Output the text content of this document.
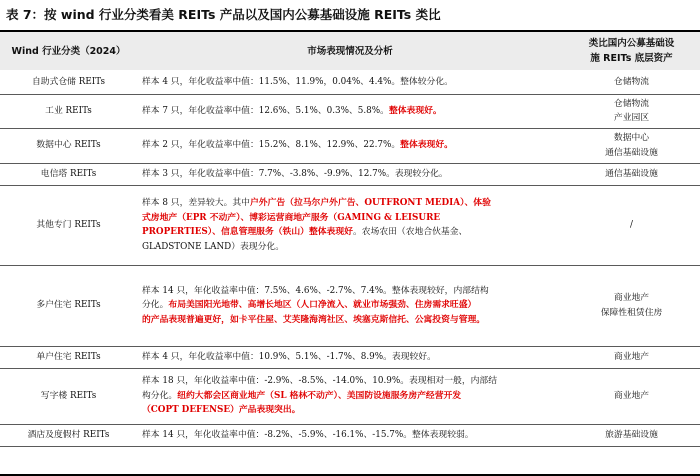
表 7：按 wind 行业分类看美 REITs 产品以及国内公募基础设施 REITs 类比
Wind 行业分类（2024）	市场表现情况及分析	类比国内公募基础设
施 REITs 底层资产

自助式仓储 REITs	样本 4 只，年化收益率中值：11.5%、11.9%，0.04%、4.4%。整体较分化。	仓储物流

工业 REITs	样本 7 只，年化收益率中值：12.6%、5.1%、0.3%、5.8%。整体表现好。	仓储物流
产业园区

数据中心 REITs	样本 2 只，年化收益率中值：15.2%、8.1%、12.9%、22.7%。整体表现好。	数据中心
通信基础设施

电信塔 REITs	样本 3 只，年化收益率中值：7.7%、-3.8%、-9.9%、12.7%。表现较分化。	通信基础设施

其他专门 REITs	样本 8 只，差异较大。其中户外广告（拉马尔户外广告、OUTFRONT MEDIA）、体验
式房地产（EPR 不动产）、博彩运营商地产服务（GAMING & LEISURE
PROPERTIES）、信息管理服务（铁山）整体表现好。农场农田（农地合伙基金、
GLADSTONE LAND）表现分化。	/

多户住宅 REITs	样本 14 只，年化收益率中值：7.5%、4.6%、-2.7%、7.4%。整体表现较好，内部结构
分化。布局美国阳光地带、高增长地区（人口净流入、就业市场强劲、住房需求旺盛）
的产品表现普遍更好，如卡平住屋、艾芙隆海湾社区、埃塞克斯信托、公寓投资与管理。	商业地产
保障性租赁住房

单户住宅 REITs	样本 4 只，年化收益率中值：10.9%、5.1%、-1.7%、8.9%。表现较好。	商业地产

写字楼 REITs	样本 18 只，年化收益率中值：-2.9%、-8.5%、-14.0%、10.9%。表现相对一般，内部结
构分化。纽约大都会区商业地产（SL 格林不动产）、美国防设施服务房产经营开发
（COPT DEFENSE）产品表现突出。	商业地产

酒店及度假村 REITs	样本 14 只，年化收益率中值：-8.2%、-5.9%、-16.1%、-15.7%。整体表现较弱。	旅游基础设施
